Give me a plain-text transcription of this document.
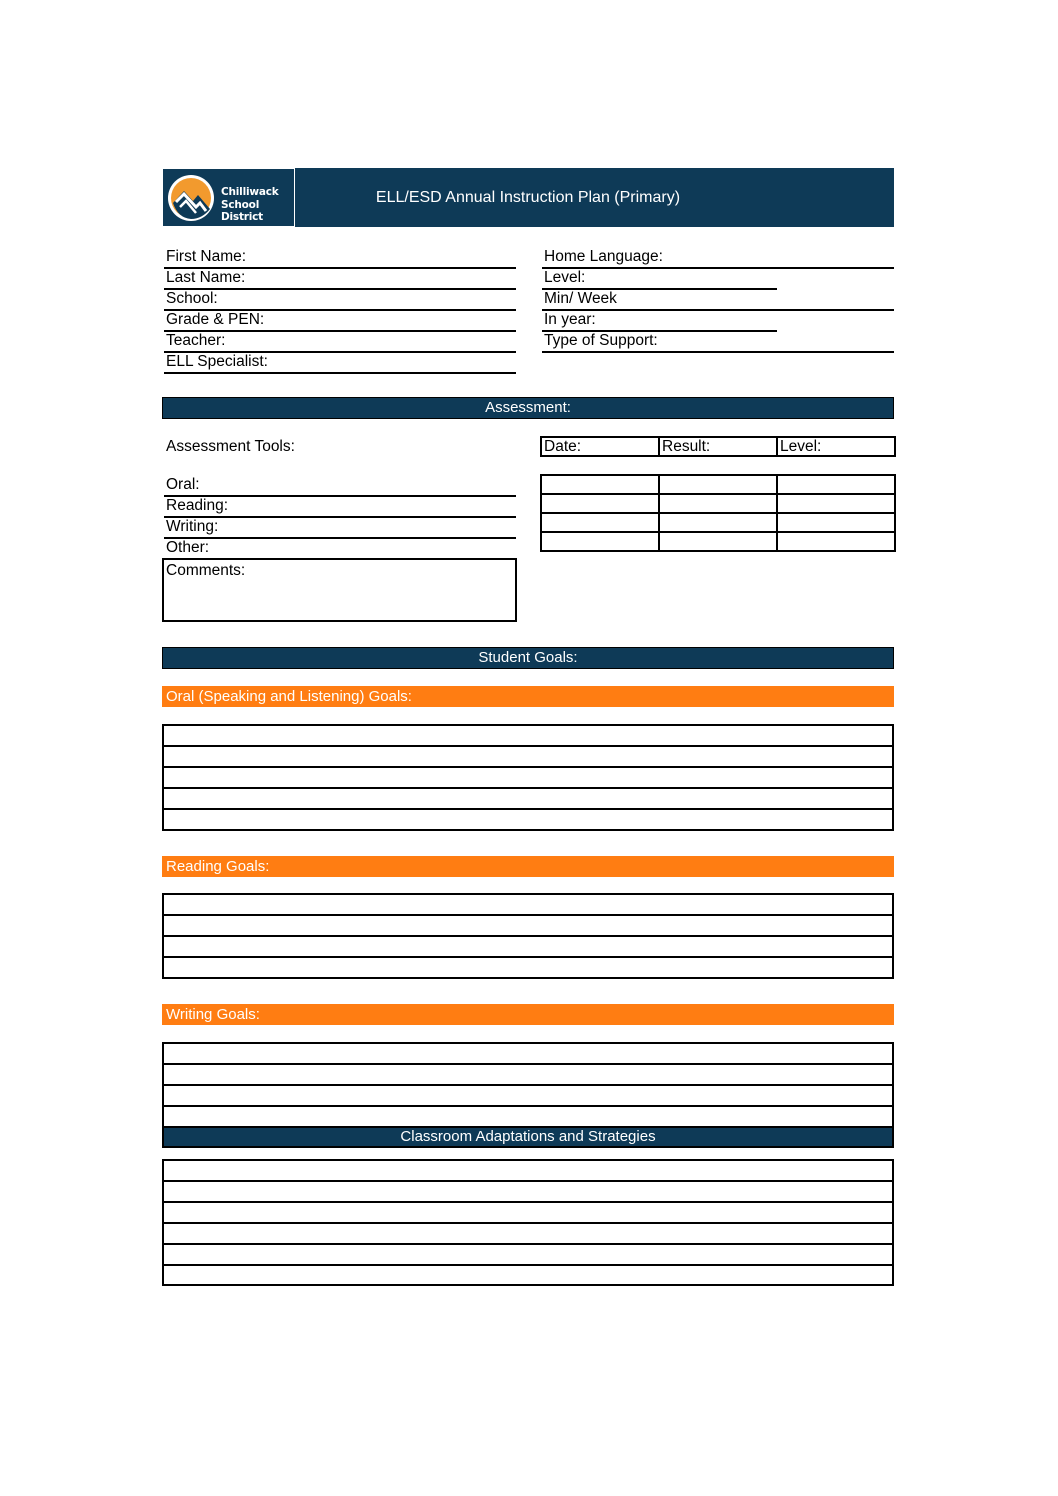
Chilliwack
School District
ELL/ESD Annual Instruction Plan (Primary)
First Name:
Last Name:
School:
Grade & PEN:
Teacher:
ELL Specialist:
Home Language:
Level:
Min/ Week
In year:
Type of Support:
Assessment:
Assessment Tools:	Date:	Result:	Level:
Oral:
Reading:
Writing:
Other:

Comments:
Student Goals:
Oral (Speaking and Listening) Goals:
Reading Goals:
Writing Goals:
Classroom Adaptations and Strategies
